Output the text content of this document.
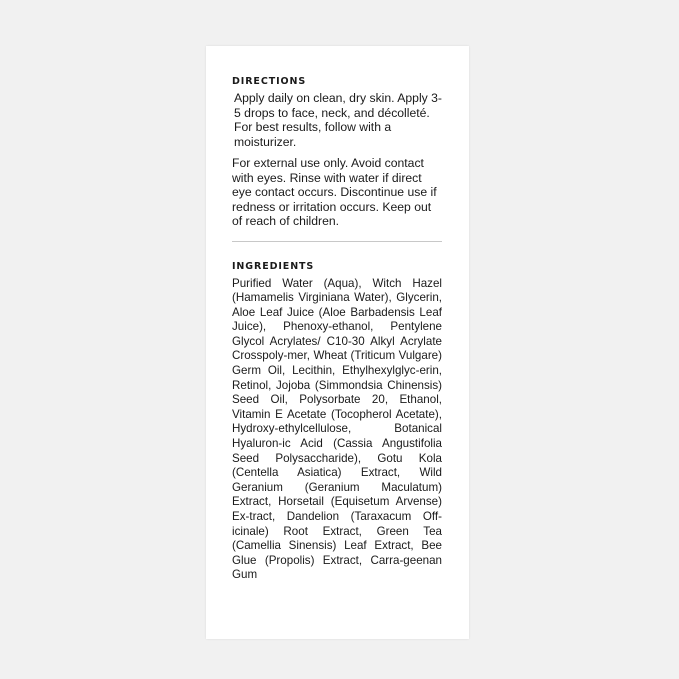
DIRECTIONS

Apply daily on clean, dry skin. Apply 3-5 drops to face, neck, and décolleté. For best results, follow with a moisturizer.

For external use only. Avoid contact with eyes. Rinse with water if direct eye contact occurs. Discontinue use if redness or irritation occurs. Keep out of reach of children.

INGREDIENTS

Purified Water (Aqua), Witch Hazel (Hamamelis Virginiana Water), Glycerin, Aloe Leaf Juice (Aloe Barbadensis Leaf Juice), Phenoxy-ethanol, Pentylene Glycol Acrylates/ C10-30 Alkyl Acrylate Crosspoly-mer, Wheat (Triticum Vulgare) Germ Oil, Lecithin, Ethylhexylglyc-erin, Retinol, Jojoba (Simmondsia Chinensis) Seed Oil, Polysorbate 20, Ethanol, Vitamin E Acetate (Tocopherol Acetate), Hydroxy-ethylcellulose, Botanical Hyaluron-ic Acid (Cassia Angustifolia Seed Polysaccharide), Gotu Kola (Centella Asiatica) Extract, Wild Geranium (Geranium Maculatum) Extract, Horsetail (Equisetum Arvense) Ex-tract, Dandelion (Taraxacum Off-icinale) Root Extract, Green Tea (Camellia Sinensis) Leaf Extract, Bee Glue (Propolis) Extract, Carra-geenan Gum
